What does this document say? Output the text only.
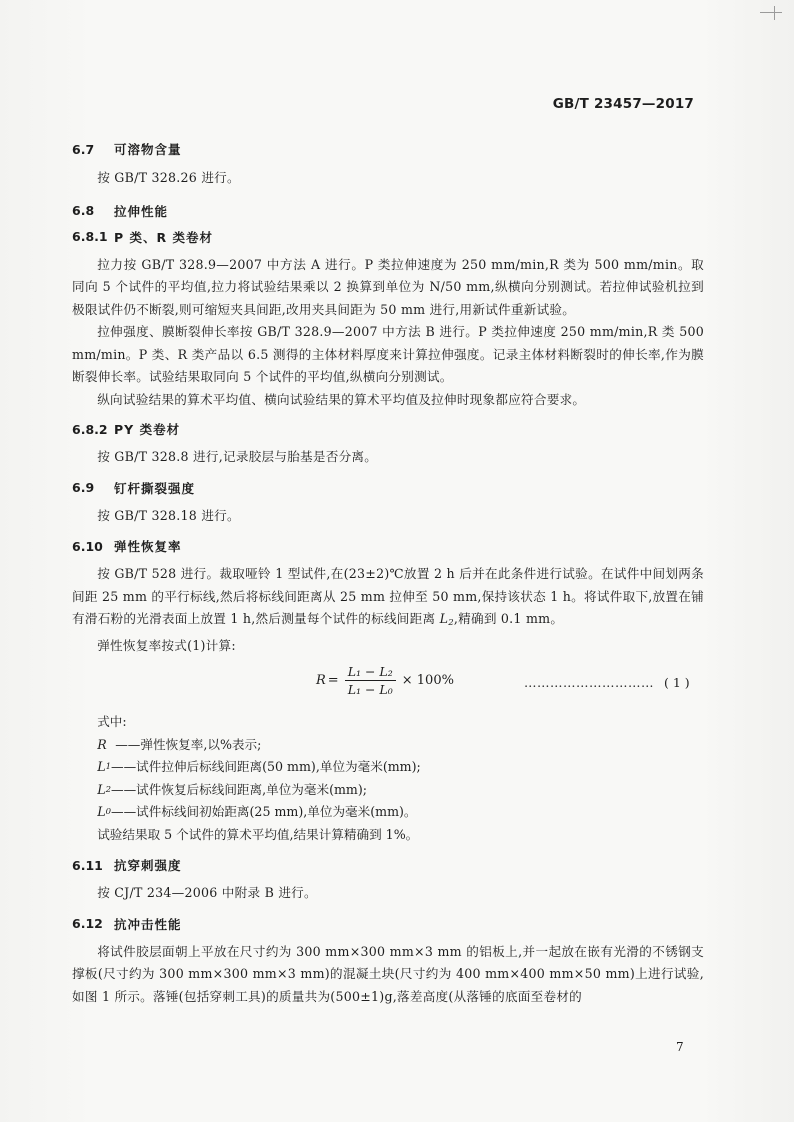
GB/T 23457—2017
6.7	可溶物含量

按 GB/T 328.26 进行。

6.8	拉伸性能
6.8.1 P 类、R 类卷材

拉力按 GB/T 328.9—2007 中方法 A 进行。P 类拉伸速度为 250 mm/min,R 类为 500 mm/min。取同向 5 个试件的平均值,拉力将试验结果乘以 2 换算到单位为 N/50 mm,纵横向分别测试。若拉伸试验机拉到极限试件仍不断裂,则可缩短夹具间距,改用夹具间距为 50 mm 进行,用新试件重新试验。

拉伸强度、膜断裂伸长率按 GB/T 328.9—2007 中方法 B 进行。P 类拉伸速度 250 mm/min,R 类 500 mm/min。P 类、R 类产品以 6.5 测得的主体材料厚度来计算拉伸强度。记录主体材料断裂时的伸长率,作为膜断裂伸长率。试验结果取同向 5 个试件的平均值,纵横向分别测试。

纵向试验结果的算术平均值、横向试验结果的算术平均值及拉伸时现象都应符合要求。

6.8.2 PY 类卷材

按 GB/T 328.8 进行,记录胶层与胎基是否分离。

6.9	钉杆撕裂强度

按 GB/T 328.18 进行。

6.10 弹性恢复率

按 GB/T 528 进行。裁取哑铃 1 型试件,在(23±2)℃放置 2 h 后并在此条件进行试验。在试件中间划两条间距 25 mm 的平行标线,然后将标线间距离从 25 mm 拉伸至 50 mm,保持该状态 1 h。将试件取下,放置在铺有滑石粉的光滑表面上放置 1 h,然后测量每个试件的标线间距离 $L_2$,精确到 0.1 mm。

弹性恢复率按式(1)计算:

$R = \frac{\text{L₁ − L₂}}{\text{L₁ − L₀}} \times 100\%$	………………………… ( 1 )
式中:
R ——弹性恢复率,以%表示;
L 1 ——试件拉伸后标线间距离(50 mm),单位为毫米(mm);
L 2 ——试件恢复后标线间距离,单位为毫米(mm);
L 0 ——试件标线间初始距离(25 mm),单位为毫米(mm)。
试验结果取 5 个试件的算术平均值,结果计算精确到 1%。
6.11 抗穿刺强度

按 CJ/T 234—2006 中附录 B 进行。

6.12 抗冲击性能

将试件胶层面朝上平放在尺寸约为 300 mm×300 mm×3 mm 的铝板上,并一起放在嵌有光滑的不锈钢支撑板(尺寸约为 300 mm×300 mm×3 mm)的混凝土块(尺寸约为 400 mm×400 mm×50 mm)上进行试验,如图 1 所示。落锤(包括穿刺工具)的质量共为(500±1)g,落差高度(从落锤的底面至卷材的

7
